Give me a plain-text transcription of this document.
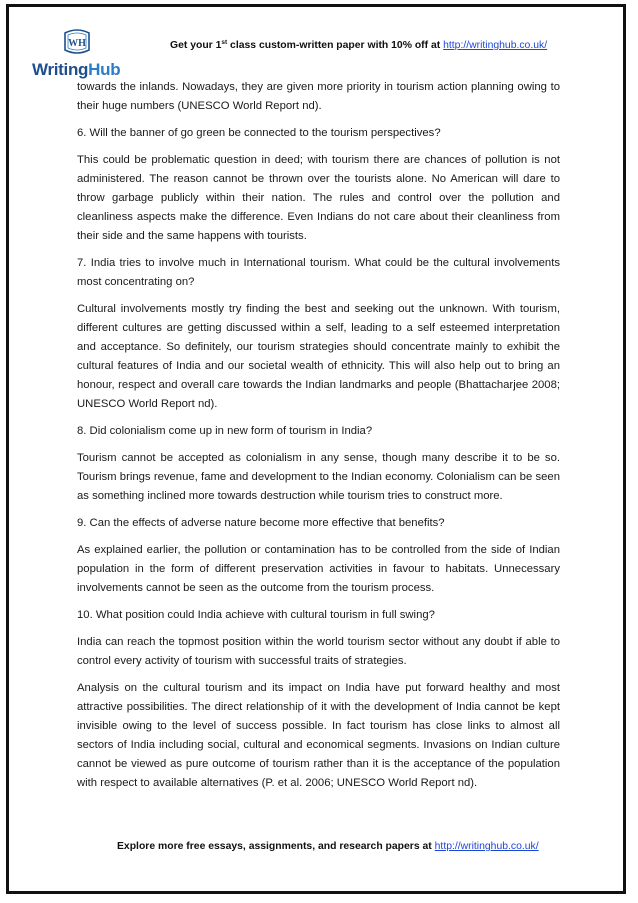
WH
WritingHub
Get your 1st class custom-written paper with 10% off at http://writinghub.co.uk/

towards the inlands. Nowadays, they are given more priority in tourism action planning owing to their huge numbers (UNESCO World Report nd).

6. Will the banner of go green be connected to the tourism perspectives?

This could be problematic question in deed; with tourism there are chances of pollution is not administered. The reason cannot be thrown over the tourists alone. No American will dare to throw garbage publicly within their nation. The rules and control over the pollution and cleanliness aspects make the difference. Even Indians do not care about their cleanliness from their side and the same happens with tourists.

7. India tries to involve much in International tourism. What could be the cultural involvements most concentrating on?

Cultural involvements mostly try finding the best and seeking out the unknown. With tourism, different cultures are getting discussed within a self, leading to a self esteemed interpretation and acceptance. So definitely, our tourism strategies should concentrate mainly to exhibit the cultural features of India and our societal wealth of ethnicity. This will also help out to bring an honour, respect and overall care towards the Indian landmarks and people (Bhattacharjee 2008; UNESCO World Report nd).

8. Did colonialism come up in new form of tourism in India?

Tourism cannot be accepted as colonialism in any sense, though many describe it to be so. Tourism brings revenue, fame and development to the Indian economy. Colonialism can be seen as something inclined more towards destruction while tourism tries to construct more.

9. Can the effects of adverse nature become more effective that benefits?

As explained earlier, the pollution or contamination has to be controlled from the side of Indian population in the form of different preservation activities in favour to habitats. Unnecessary involvements cannot be seen as the outcome from the tourism process.

10. What position could India achieve with cultural tourism in full swing?

India can reach the topmost position within the world tourism sector without any doubt if able to control every activity of tourism with successful traits of strategies.

Analysis on the cultural tourism and its impact on India have put forward healthy and most attractive possibilities. The direct relationship of it with the development of India cannot be kept invisible owing to the level of success possible. In fact tourism has close links to almost all sectors of India including social, cultural and economical segments. Invasions on Indian culture cannot be viewed as pure outcome of tourism rather than it is the acceptance of the population with respect to available alternatives (P. et al. 2006; UNESCO World Report nd).

Explore more free essays, assignments, and research papers at http://writinghub.co.uk/
